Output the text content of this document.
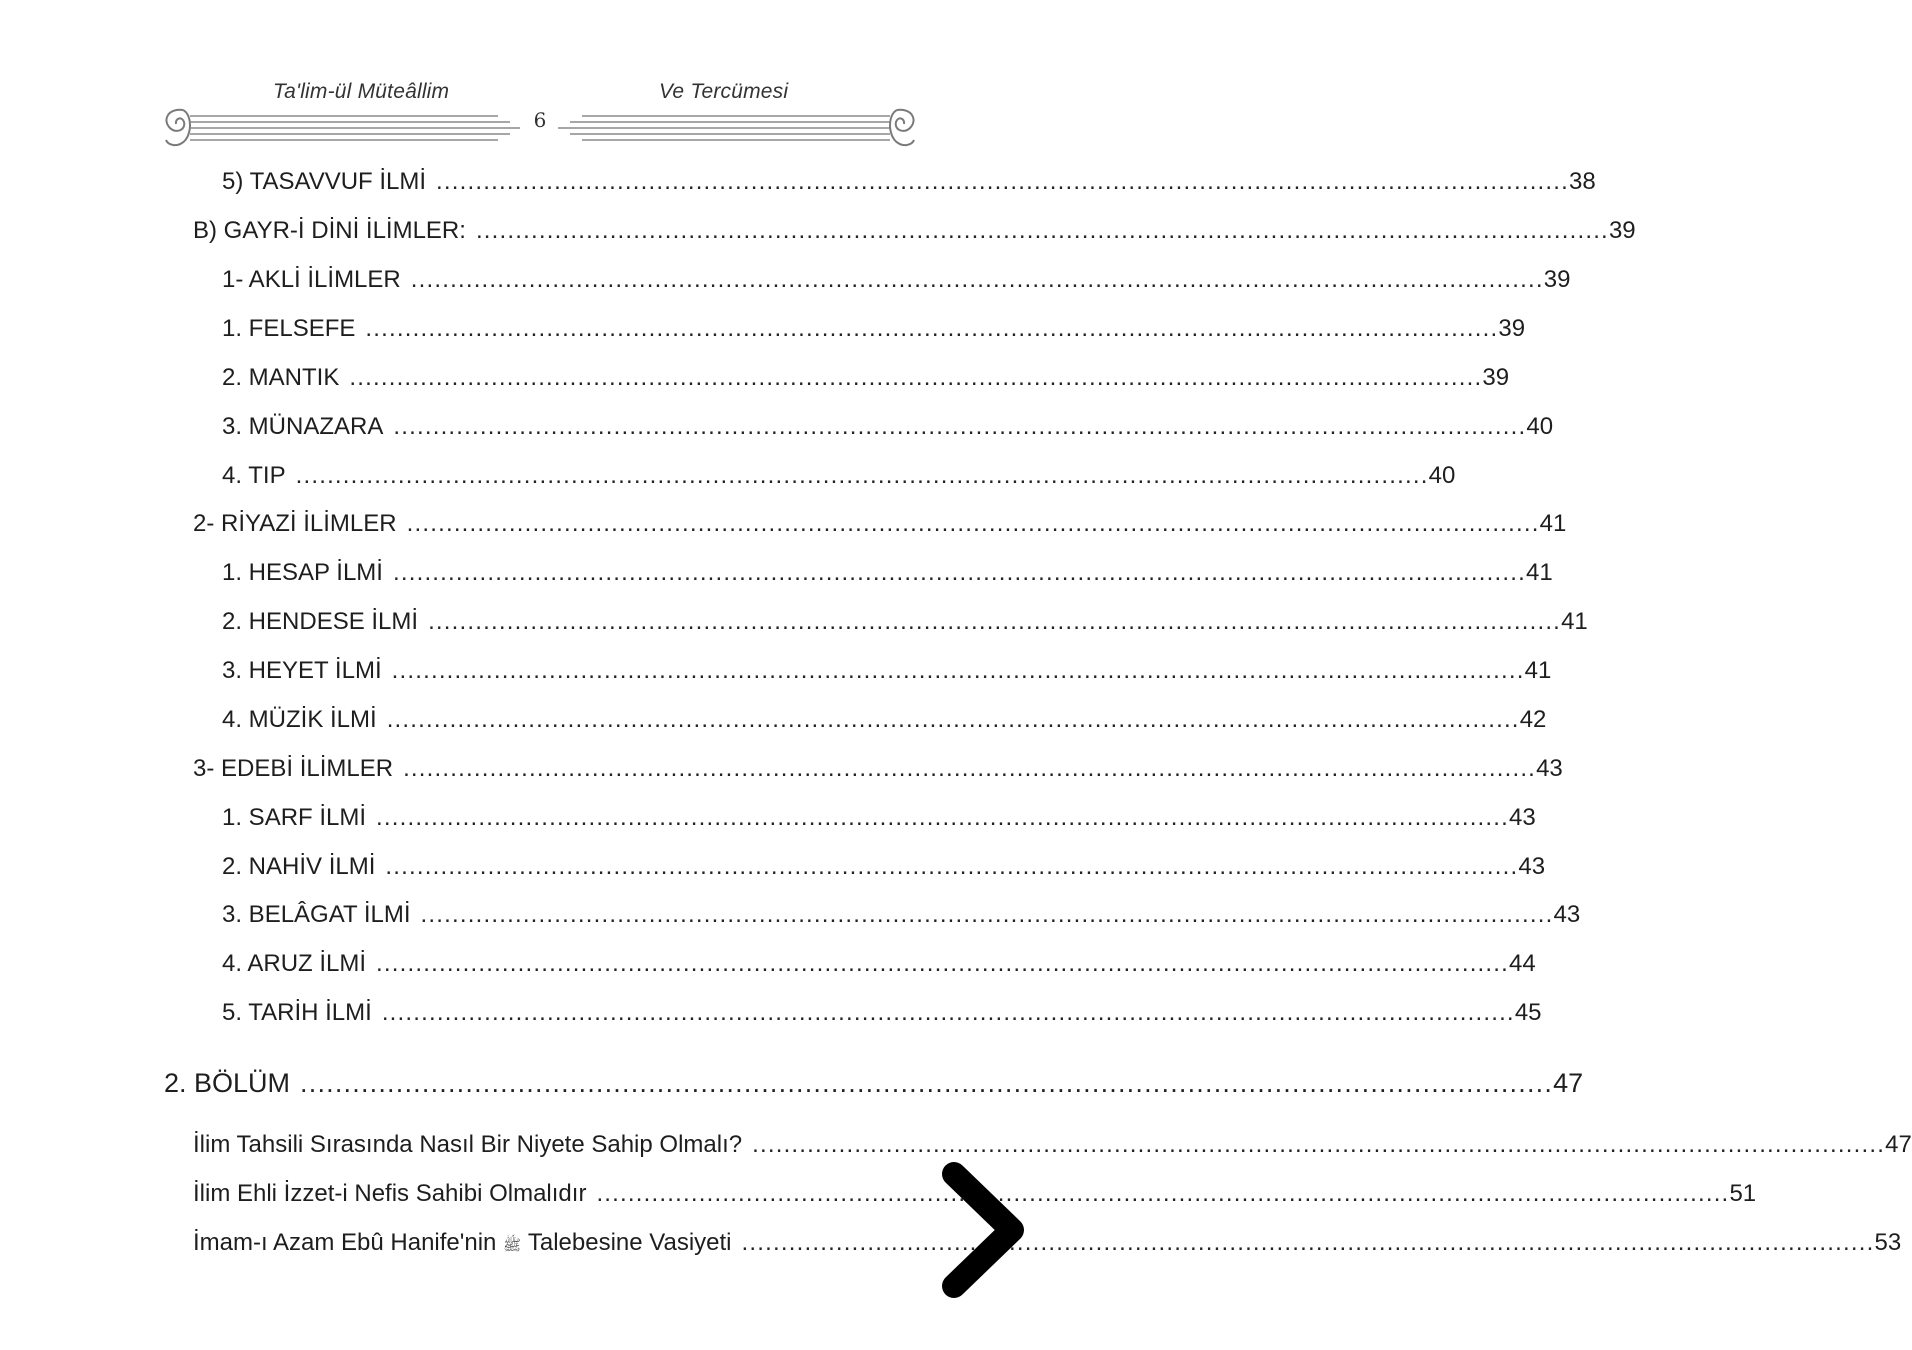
Ta'lim-ül Müteâllim	Ve Tercümesi
6
5) TASAVVUF İLMİ ................................................................................................................................................ 38
B) GAYR-İ DİNİ İLİMLER: ................................................................................................................................................ 39
1- AKLİ İLİMLER ................................................................................................................................................ 39
1. FELSEFE ................................................................................................................................................ 39
2. MANTIK ................................................................................................................................................ 39
3. MÜNAZARA ................................................................................................................................................ 40
4. TIP ................................................................................................................................................ 40
2- RİYAZİ İLİMLER ................................................................................................................................................ 41
1. HESAP İLMİ ................................................................................................................................................ 41
2. HENDESE İLMİ ................................................................................................................................................ 41
3. HEYET İLMİ ................................................................................................................................................ 41
4. MÜZİK İLMİ ................................................................................................................................................ 42
3- EDEBİ İLİMLER ................................................................................................................................................ 43
1. SARF İLMİ ................................................................................................................................................ 43
2. NAHİV İLMİ ................................................................................................................................................ 43
3. BELÂGAT İLMİ ................................................................................................................................................ 43
4. ARUZ İLMİ ................................................................................................................................................ 44
5. TARİH İLMİ ................................................................................................................................................ 45
2. BÖLÜM ................................................................................................................................................ 47
İlim Tahsili Sırasında Nasıl Bir Niyete Sahip Olmalı? ................................................................................................................................................ 47
İlim Ehli İzzet-i Nefis Sahibi Olmalıdır ................................................................................................................................................ 51
İmam-ı Azam Ebû Hanife'nin ﷺ Talebesine Vasiyeti ................................................................................................................................................ 53
